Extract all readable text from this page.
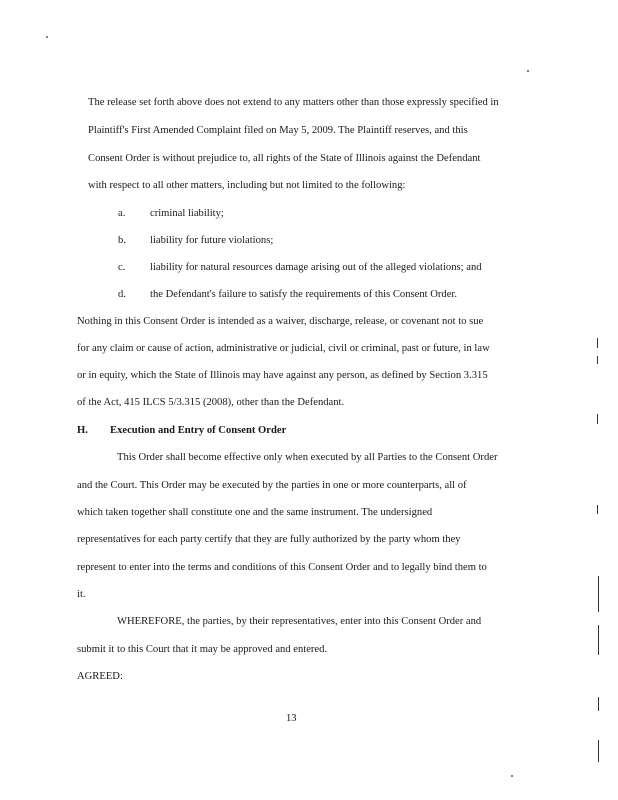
The release set forth above does not extend to any matters other than those expressly specified in
Plaintiff's First Amended Complaint filed on May 5, 2009. The Plaintiff reserves, and this
Consent Order is without prejudice to, all rights of the State of Illinois against the Defendant
with respect to all other matters, including but not limited to the following:
a. criminal liability;
b. liability for future violations;
c. liability for natural resources damage arising out of the alleged violations; and
d. the Defendant's failure to satisfy the requirements of this Consent Order.
Nothing in this Consent Order is intended as a waiver, discharge, release, or covenant not to sue
for any claim or cause of action, administrative or judicial, civil or criminal, past or future, in law
or in equity, which the State of Illinois may have against any person, as defined by Section 3.315
of the Act, 415 ILCS 5/3.315 (2008), other than the Defendant.
H. Execution and Entry of Consent Order
This Order shall become effective only when executed by all Parties to the Consent Order
and the Court. This Order may be executed by the parties in one or more counterparts, all of
which taken together shall constitute one and the same instrument. The undersigned
representatives for each party certify that they are fully authorized by the party whom they
represent to enter into the terms and conditions of this Consent Order and to legally bind them to
it.
WHEREFORE, the parties, by their representatives, enter into this Consent Order and
submit it to this Court that it may be approved and entered.
AGREED:
13
